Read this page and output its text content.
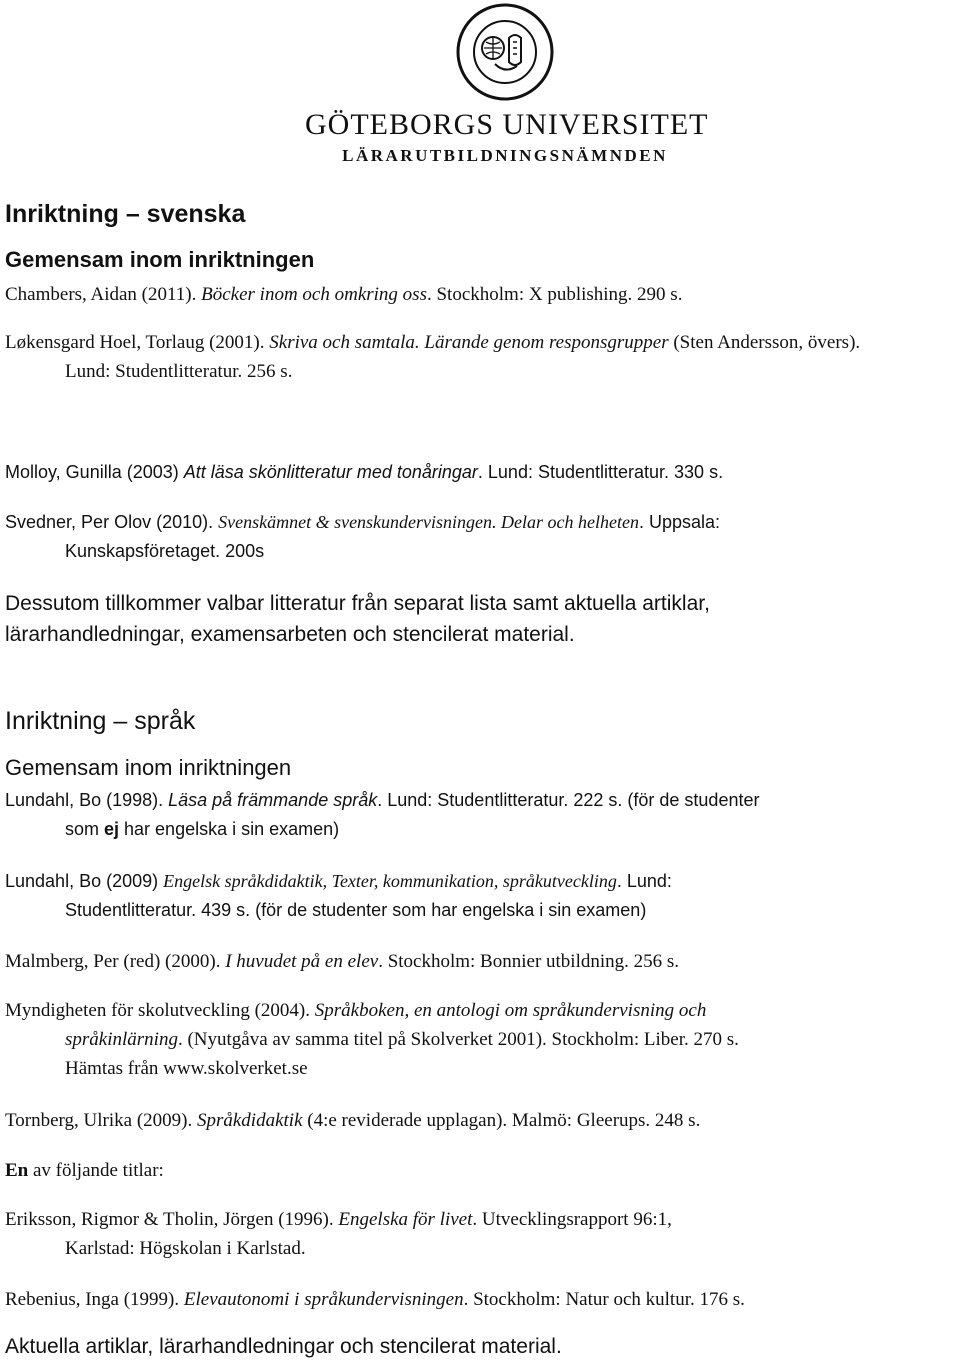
GÖTEBORGS UNIVERSITET
LÄRARUTBILDNINGSNÄMNDEN
Inriktning – svenska
Gemensam inom inriktningen
Chambers, Aidan (2011). Böcker inom och omkring oss. Stockholm: X publishing. 290 s.
Løkensgard Hoel, Torlaug (2001). Skriva och samtala. Lärande genom responsgrupper (Sten Andersson, övers).
Lund: Studentlitteratur. 256 s.
Molloy, Gunilla (2003) Att läsa skönlitteratur med tonåringar. Lund: Studentlitteratur. 330 s.
Svedner, Per Olov (2010). Svenskämnet & svenskundervisningen. Delar och helheten. Uppsala:
Kunskapsföretaget. 200s
Dessutom tillkommer valbar litteratur från separat lista samt aktuella artiklar,
lärarhandledningar, examensarbeten och stencilerat material.
Inriktning – språk
Gemensam inom inriktningen
Lundahl, Bo (1998). Läsa på främmande språk. Lund: Studentlitteratur. 222 s. (för de studenter
som ej har engelska i sin examen)
Lundahl, Bo (2009) Engelsk språkdidaktik, Texter, kommunikation, språkutveckling. Lund:
Studentlitteratur. 439 s. (för de studenter som har engelska i sin examen)
Malmberg, Per (red) (2000). I huvudet på en elev. Stockholm: Bonnier utbildning. 256 s.
Myndigheten för skolutveckling (2004). Språkboken, en antologi om språkundervisning och
språkinlärning. (Nyutgåva av samma titel på Skolverket 2001). Stockholm: Liber. 270 s.
Hämtas från www.skolverket.se
Tornberg, Ulrika (2009). Språkdidaktik (4:e reviderade upplagan). Malmö: Gleerups. 248 s.
En av följande titlar:
Eriksson, Rigmor & Tholin, Jörgen (1996). Engelska för livet. Utvecklingsrapport 96:1,
Karlstad: Högskolan i Karlstad.
Rebenius, Inga (1999). Elevautonomi i språkundervisningen. Stockholm: Natur och kultur. 176 s.
Aktuella artiklar, lärarhandledningar och stencilerat material.
